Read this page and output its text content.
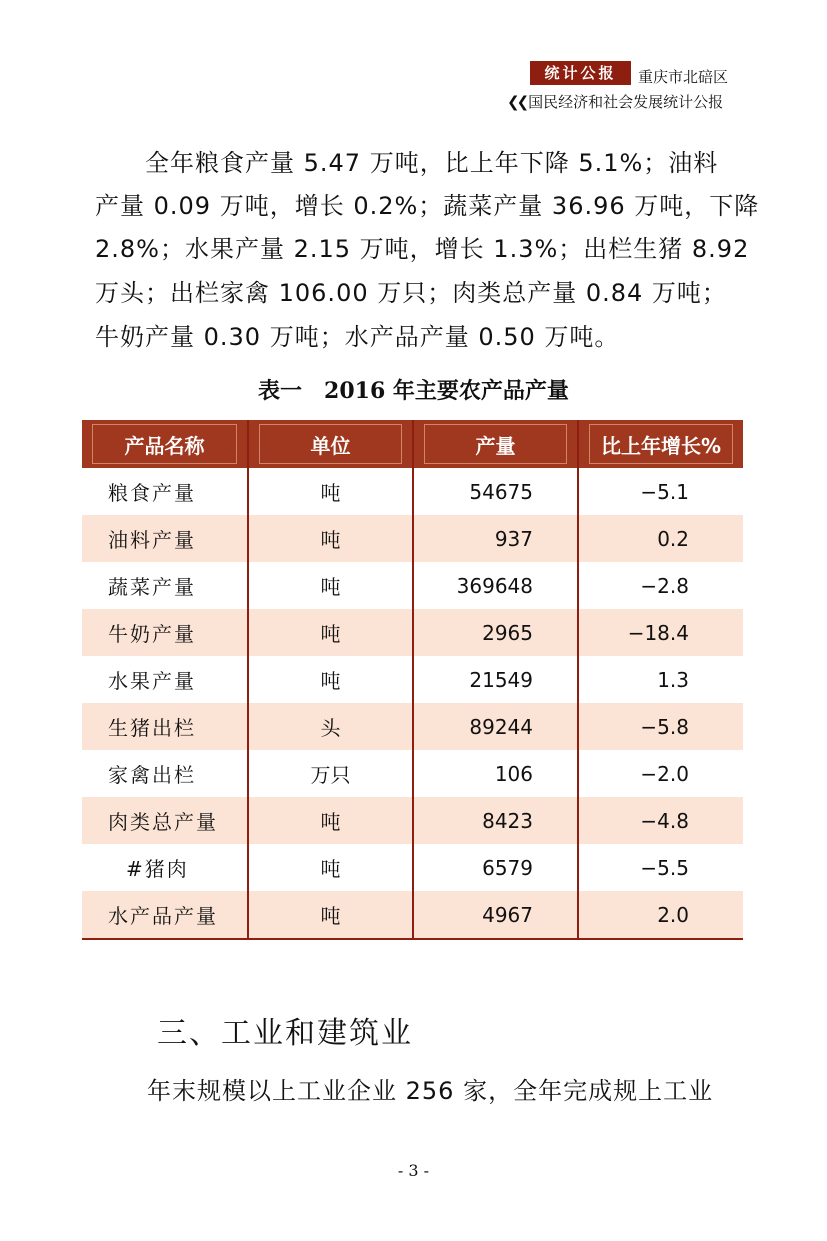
统计公报	重庆市北碚区
❮❮ 国民经济和社会发展统计公报
全年粮食产量 5.47 万吨，比上年下降 5.1%；油料
产量 0.09 万吨，增长 0.2%；蔬菜产量 36.96 万吨，下降
2.8%；水果产量 2.15 万吨，增长 1.3%；出栏生猪 8.92
万头；出栏家禽 106.00 万只；肉类总产量 0.84 万吨；
牛奶产量 0.30 万吨；水产品产量 0.50 万吨。
表一　2016 年主要农产品产量
产品名称	单位	产量	比上年增长%

粮食产量	吨	54675	−5.1
油料产量	吨	937	0.2
蔬菜产量	吨	369648	−2.8
牛奶产量	吨	2965	−18.4
水果产量	吨	21549	1.3
生猪出栏	头	89244	−5.8
家禽出栏	万只	106	−2.0
肉类总产量	吨	8423	−4.8
#猪肉	吨	6579	−5.5
水产品产量	吨	4967	2.0
三、工业和建筑业
年末规模以上工业企业 256 家，全年完成规上工业
- 3 -
